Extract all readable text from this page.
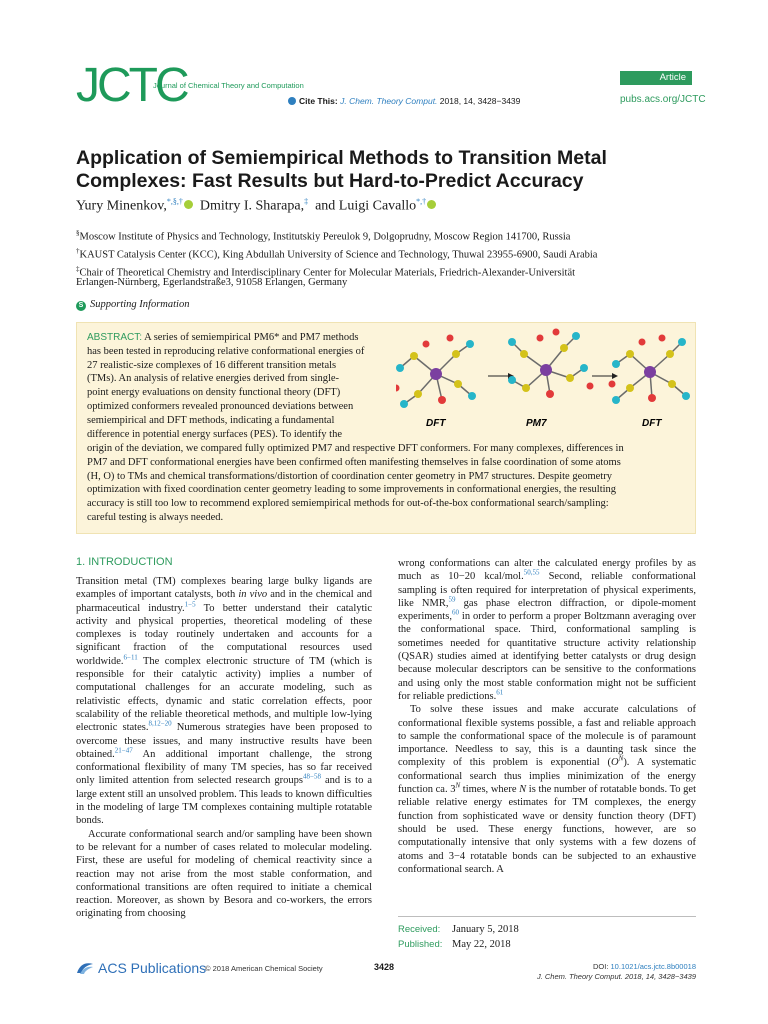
JCTC
Journal of Chemical Theory and Computation
Article
Cite This: J. Chem. Theory Comput. 2018, 14, 3428−3439	pubs.acs.org/JCTC
Application of Semiempirical Methods to Transition Metal
Complexes: Fast Results but Hard-to-Predict Accuracy
Yury Minenkov,*,§,† Dmitry I. Sharapa,‡ and Luigi Cavallo*,†
§Moscow Institute of Physics and Technology, Institutskiy Pereulok 9, Dolgoprudny, Moscow Region 141700, Russia
†KAUST Catalysis Center (KCC), King Abdullah University of Science and Technology, Thuwal 23955-6900, Saudi Arabia
‡Chair of Theoretical Chemistry and Interdisciplinary Center for Molecular Materials, Friedrich-Alexander-Universität
Erlangen-Nürnberg, Egerlandstraße3, 91058 Erlangen, Germany
S Supporting Information
ABSTRACT: A series of semiempirical PM6* and PM7 methods
has been tested in reproducing relative conformational energies of
27 realistic-size complexes of 16 different transition metals
(TMs). An analysis of relative energies derived from single-
point energy evaluations on density functional theory (DFT)
optimized conformers revealed pronounced deviations between
semiempirical and DFT methods, indicating a fundamental
difference in potential energy surfaces (PES). To identify the
origin of the deviation, we compared fully optimized PM7 and respective DFT conformers. For many complexes, differences in
PM7 and DFT conformational energies have been confirmed often manifesting themselves in false coordination of some atoms
(H, O) to TMs and chemical transformations/distortion of coordination center geometry in PM7 structures. Despite geometry
optimization with fixed coordination center geometry leading to some improvements in conformational energies, the resulting
accuracy is still too low to recommend explored semiempirical methods for out-of-the-box conformational search/sampling:
careful testing is always needed.
DFT	PM7	DFT
1. INTRODUCTION
Transition metal (TM) complexes bearing large bulky ligands are examples of important catalysts, both in vivo and in the chemical and pharmaceutical industry.$^{1-5}$ To better understand their catalytic activity and physical properties, theoretical modeling of these complexes is today routinely undertaken and accounts for a significant fraction of the computational resources used worldwide.$^{6-11}$ The complex electronic structure of TM (which is responsible for their catalytic activity) implies a number of computational challenges for an accurate modeling, such as relativistic effects, dynamic and static correlation effects, poor scalability of the reliable theoretical methods, and multiple low-lying electronic states.$^{8,12-20}$ Numerous strategies have been proposed to overcome these issues, and many instructive results have been obtained.$^{21-47}$ An additional important challenge, the strong conformational flexibility of many TM species, has so far received only limited attention from selected research groups$^{48-58}$ and is to a large extent still an unsolved problem. This leads to known difficulties in the modeling of large TM complexes containing multiple rotatable bonds.
Accurate conformational search and/or sampling have been shown to be relevant for a number of cases related to molecular modeling. First, these are useful for modeling of chemical reactivity since a reaction may not arise from the most stable conformation, and conformational transitions are often required to initiate a chemical reaction. Moreover, as shown by Besora and co-workers, the errors originating from choosing
wrong conformations can alter the calculated energy profiles by as much as 10−20 kcal/mol.$^{50,55}$ Second, reliable conformational sampling is often required for interpretation of physical experiments, like NMR,$^{59}$ gas phase electron diffraction, or dipole-moment experiments,$^{60}$ in order to perform a proper Boltzmann averaging over the conformational space. Third, conformational sampling is sometimes needed for quantitative structure activity relationship (QSAR) studies aimed at identifying better catalysts or drug design because molecular descriptors can be sensitive to the conformations and using only the most stable conformation might not be sufficient for reliable predictions.$^{61}$
To solve these issues and make accurate calculations of conformational flexible systems possible, a fast and reliable approach to sample the conformational space of the molecule is of paramount importance. Needless to say, this is a daunting task since the complexity of this problem is exponential $(O^N)$. A systematic conformational search thus implies minimization of the energy function ca. $3^N$ times, where N is the number of rotatable bonds. To get reliable relative energy estimates for TM complexes, the energy function from sophisticated wave or density function theory (DFT) should be used. These energy functions, however, are so computationally intensive that only systems with a few dozens of atoms and 3−4 rotatable bonds can be subjected to an exhaustive conformational search. A
Received: January 5, 2018
Published: May 22, 2018
ACS Publications
© 2018 American Chemical Society	3428	DOI: 10.1021/acs.jctc.8b00018
J. Chem. Theory Comput. 2018, 14, 3428−3439
